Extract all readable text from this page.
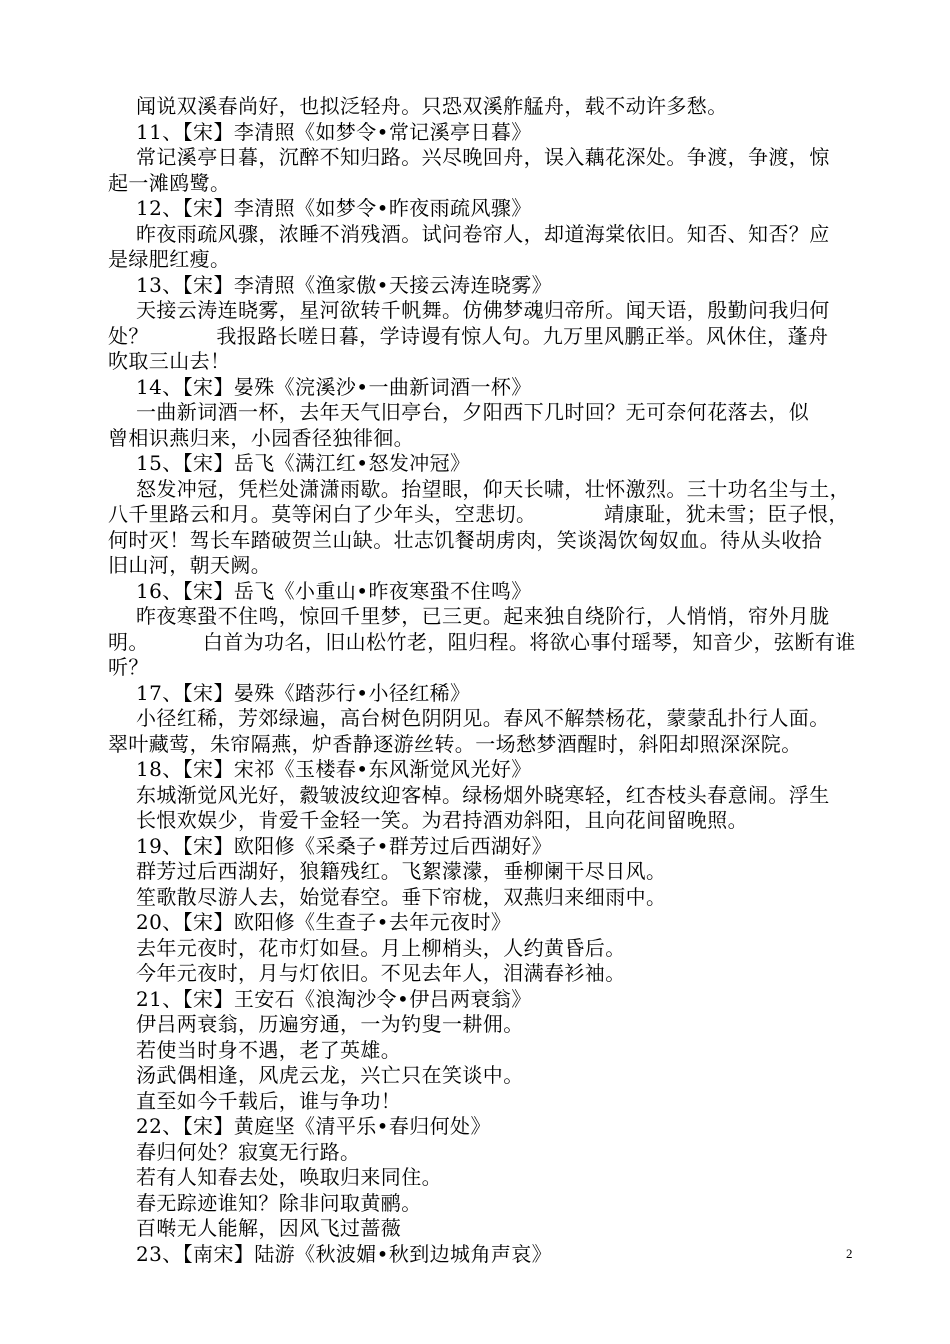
闻说双溪春尚好，也拟泛轻舟。只恐双溪舴艋舟，载不动许多愁。
11、【宋】李清照《如梦令•常记溪亭日暮》
常记溪亭日暮，沉醉不知归路。兴尽晚回舟，误入藕花深处。争渡，争渡，惊
起一滩鸥鹭。
12、【宋】李清照《如梦令•昨夜雨疏风骤》
昨夜雨疏风骤，浓睡不消残酒。试问卷帘人，却道海棠依旧。知否、知否？应
是绿肥红瘦。
13、【宋】李清照《渔家傲•天接云涛连晓雾》
天接云涛连晓雾，星河欲转千帆舞。仿佛梦魂归帝所。闻天语，殷勤问我归何
处？          我报路长嗟日暮，学诗谩有惊人句。九万里风鹏正举。风休住，蓬舟
吹取三山去！
14、【宋】晏殊《浣溪沙•一曲新词酒一杯》
一曲新词酒一杯，去年天气旧亭台，夕阳西下几时回？无可奈何花落去，似
曾相识燕归来，小园香径独徘徊。
15、【宋】岳飞《满江红•怒发冲冠》
怒发冲冠，凭栏处潇潇雨歇。抬望眼，仰天长啸，壮怀激烈。三十功名尘与土，
八千里路云和月。莫等闲白了少年头，空悲切。          靖康耻，犹未雪；臣子恨，
何时灭！驾长车踏破贺兰山缺。壮志饥餐胡虏肉，笑谈渴饮匈奴血。待从头收拾
旧山河，朝天阙。
16、【宋】岳飞《小重山•昨夜寒蛩不住鸣》
昨夜寒蛩不住鸣，惊回千里梦，已三更。起来独自绕阶行，人悄悄，帘外月胧
明。        白首为功名，旧山松竹老，阻归程。将欲心事付瑶琴，知音少，弦断有谁
听？
17、【宋】晏殊《踏莎行•小径红稀》
小径红稀，芳郊绿遍，高台树色阴阴见。春风不解禁杨花，蒙蒙乱扑行人面。
翠叶藏莺，朱帘隔燕，炉香静逐游丝转。一场愁梦酒醒时，斜阳却照深深院。
18、【宋】宋祁《玉楼春•东风渐觉风光好》
东城渐觉风光好，縠皱波纹迎客棹。绿杨烟外晓寒轻，红杏枝头春意闹。浮生
长恨欢娱少，肯爱千金轻一笑。为君持酒劝斜阳，且向花间留晚照。
19、【宋】欧阳修《采桑子•群芳过后西湖好》
群芳过后西湖好，狼籍残红。飞絮濛濛，垂柳阑干尽日风。
笙歌散尽游人去，始觉春空。垂下帘栊，双燕归来细雨中。
20、【宋】欧阳修《生查子•去年元夜时》
去年元夜时，花市灯如昼。月上柳梢头，人约黄昏后。
今年元夜时，月与灯依旧。不见去年人，泪满春衫袖。
21、【宋】王安石《浪淘沙令•伊吕两衰翁》
伊吕两衰翁，历遍穷通，一为钓叟一耕佣。
若使当时身不遇，老了英雄。
汤武偶相逢，风虎云龙，兴亡只在笑谈中。
直至如今千载后，谁与争功！
22、【宋】黄庭坚《清平乐•春归何处》
春归何处？寂寞无行路。
若有人知春去处，唤取归来同住。
春无踪迹谁知？除非问取黄鹂。
百啭无人能解，因风飞过蔷薇
23、【南宋】陆游《秋波媚•秋到边城角声哀》	2
